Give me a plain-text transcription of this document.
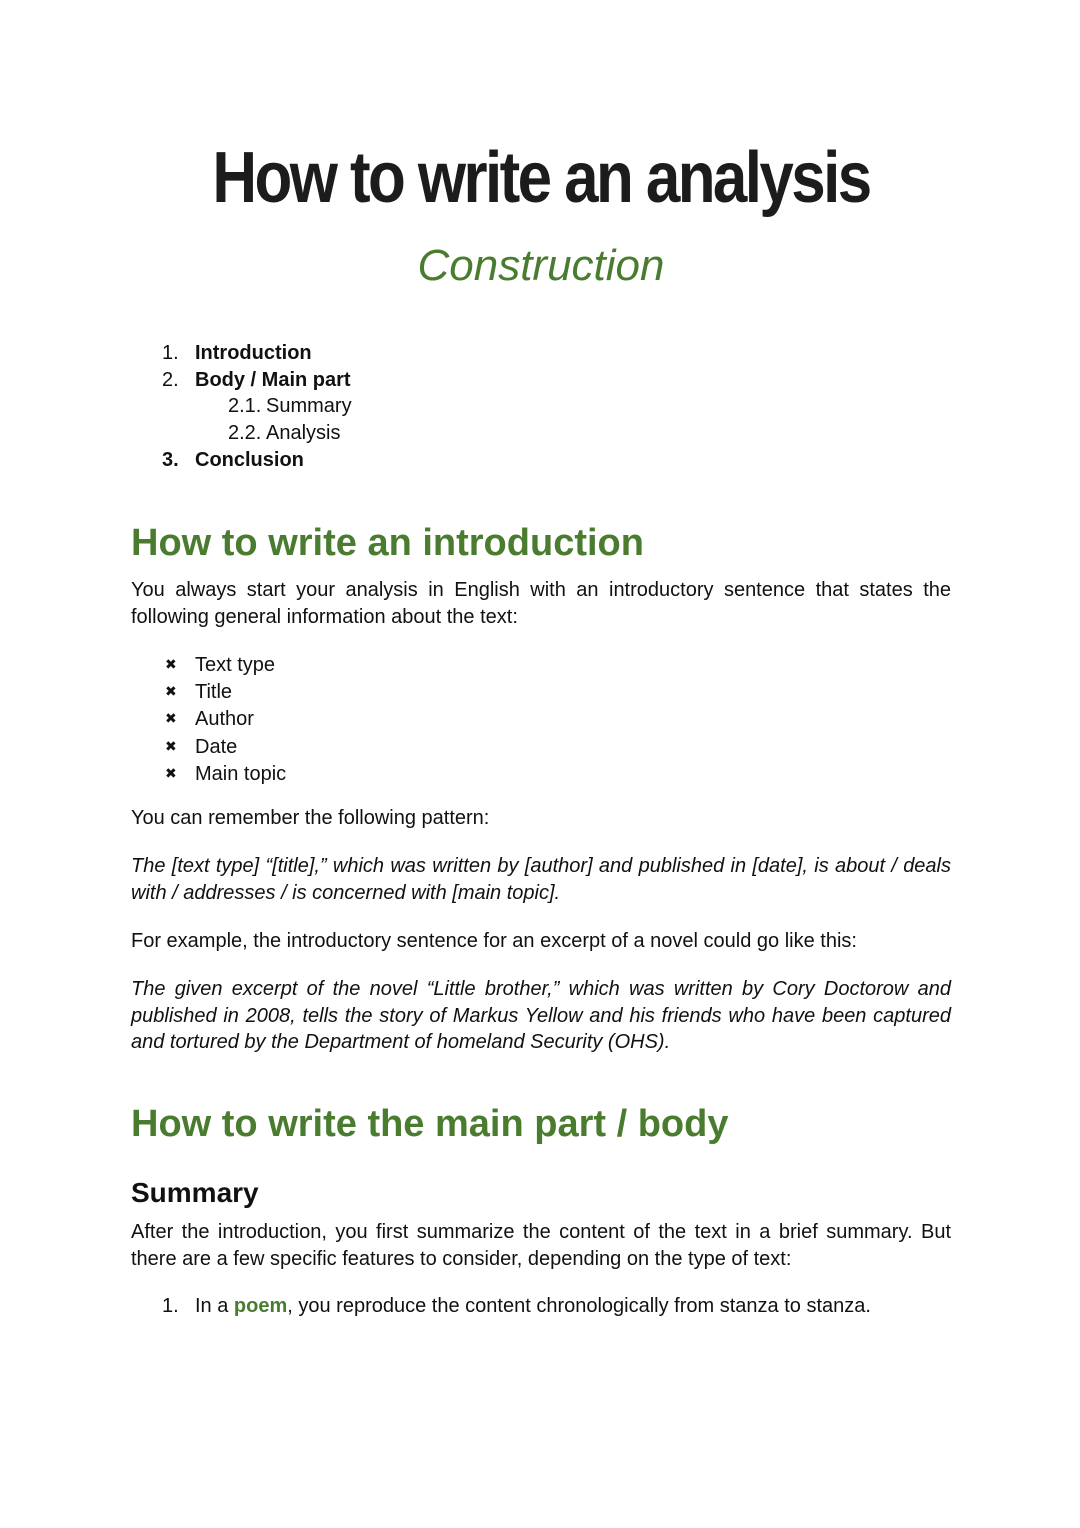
How to write an analysis
Construction
1. Introduction
2. Body / Main part
2.1. Summary
2.2. Analysis
3. Conclusion
How to write an introduction

You always start your analysis in English with an introductory sentence that states the following general information about the text:

✖ Text type
✖ Title
✖ Author
✖ Date
✖ Main topic

You can remember the following pattern:

The [text type] “[title],” which was written by [author] and published in [date], is about / deals with / addresses / is concerned with [main topic].

For example, the introductory sentence for an excerpt of a novel could go like this:

The given excerpt of the novel “Little brother,” which was written by Cory Doctorow and published in 2008, tells the story of Markus Yellow and his friends who have been captured and tortured by the Department of homeland Security (OHS).

How to write the main part / body
Summary

After the introduction, you first summarize the content of the text in a brief summary. But there are a few specific features to consider, depending on the type of text:

1. In a poem, you reproduce the content chronologically from stanza to stanza.
